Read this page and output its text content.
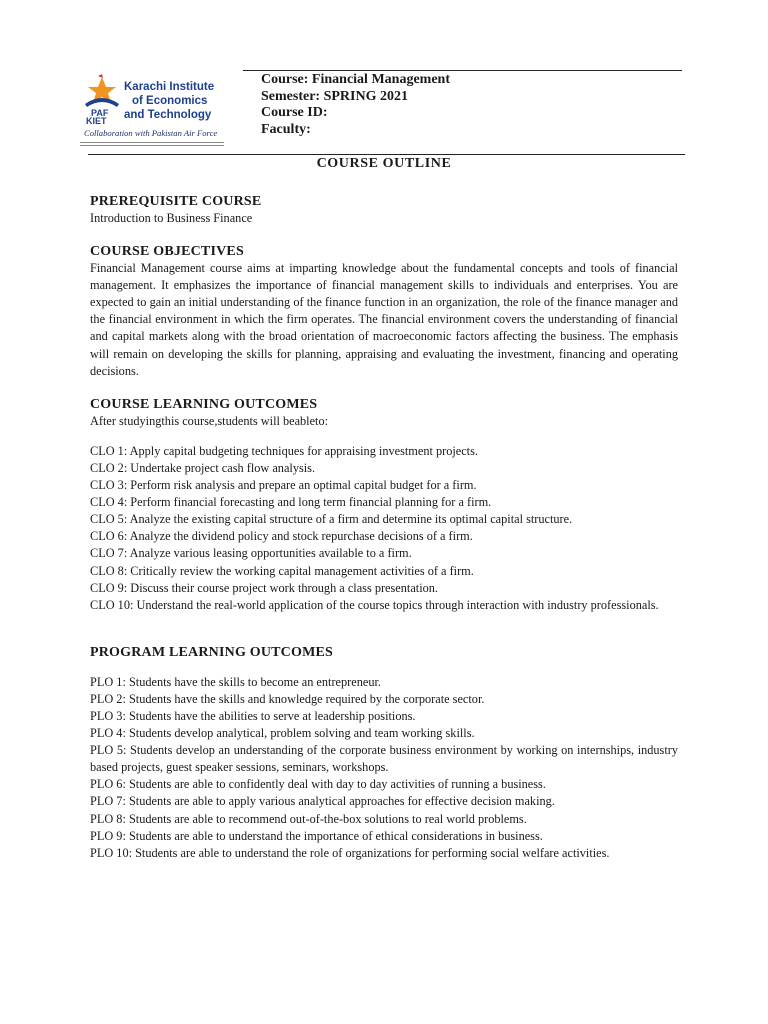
PAF
KIET
Karachi Institute
of Economics
and Technology
Collaboration with Pakistan Air Force
Course: Financial Management
Semester: SPRING 2021
Course ID:
Faculty:
COURSE OUTLINE
PREREQUISITE COURSE

Introduction to Business Finance

COURSE OBJECTIVES

Financial Management course aims at imparting knowledge about the fundamental concepts and tools of financial management. It emphasizes the importance of financial management skills to individuals and enterprises. You are expected to gain an initial understanding of the finance function in an organization, the role of the finance manager and the financial environment in which the firm operates. The financial environment covers the understanding of financial and capital markets along with the broad orientation of macroeconomic factors affecting the business. The emphasis will remain on developing the skills for planning, appraising and evaluating the investment, financing and operating decisions.

COURSE LEARNING OUTCOMES

After studyingthis course,students will beableto:

CLO 1: Apply capital budgeting techniques for appraising investment projects.

CLO 2: Undertake project cash flow analysis.

CLO 3: Perform risk analysis and prepare an optimal capital budget for a firm.

CLO 4: Perform financial forecasting and long term financial planning for a firm.

CLO 5: Analyze the existing capital structure of a firm and determine its optimal capital structure.

CLO 6: Analyze the dividend policy and stock repurchase decisions of a firm.

CLO 7: Analyze various leasing opportunities available to a firm.

CLO 8: Critically review the working capital management activities of a firm.

CLO 9: Discuss their course project work through a class presentation.

CLO 10: Understand the real-world application of the course topics through interaction with industry professionals.

PROGRAM LEARNING OUTCOMES

PLO 1: Students have the skills to become an entrepreneur.

PLO 2: Students have the skills and knowledge required by the corporate sector.

PLO 3: Students have the abilities to serve at leadership positions.

PLO 4: Students develop analytical, problem solving and team working skills.

PLO 5: Students develop an understanding of the corporate business environment by working on internships, industry based projects, guest speaker sessions, seminars, workshops.

PLO 6: Students are able to confidently deal with day to day activities of running a business.

PLO 7: Students are able to apply various analytical approaches for effective decision making.

PLO 8: Students are able to recommend out-of-the-box solutions to real world problems.

PLO 9: Students are able to understand the importance of ethical considerations in business.

PLO 10: Students are able to understand the role of organizations for performing social welfare activities.
